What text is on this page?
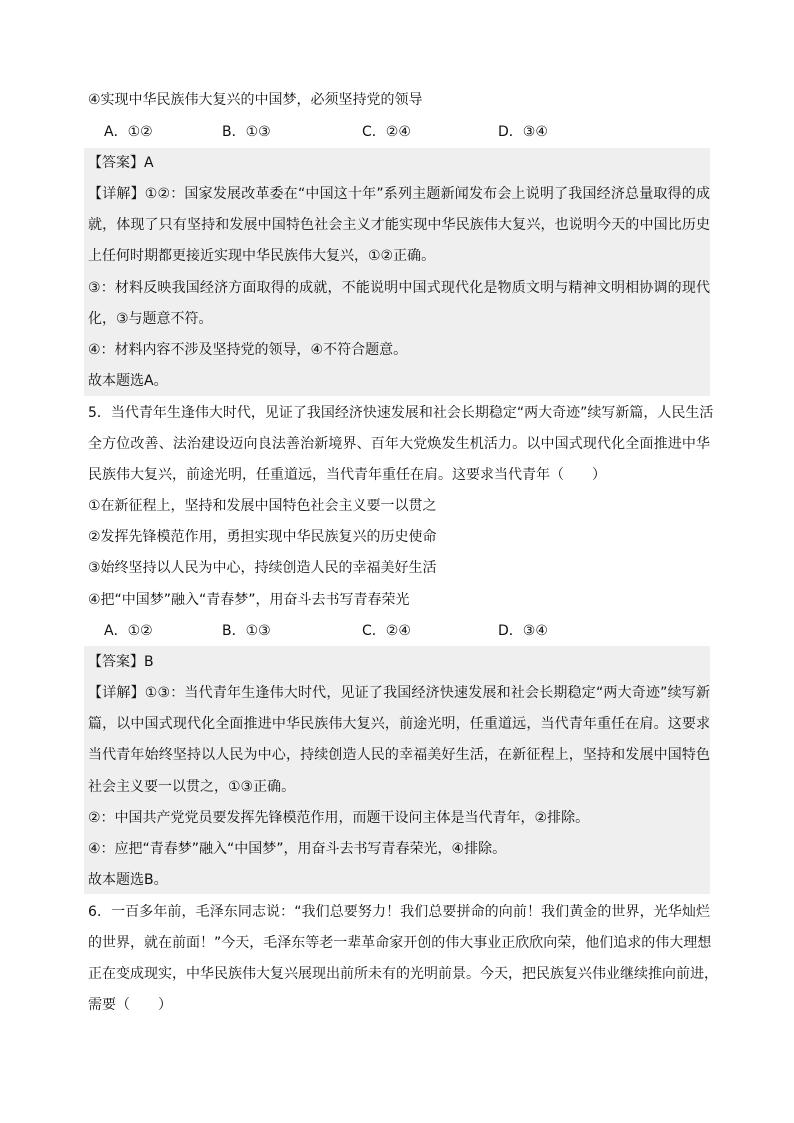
④实现中华民族伟大复兴的中国梦，必须坚持党的领导
A．①②	B．①③	C．②④	D．③④
【答案】A
【详解】①②：国家发展改革委在“中国这十年”系列主题新闻发布会上说明了我国经济总量取得的成
就，体现了只有坚持和发展中国特色社会主义才能实现中华民族伟大复兴，也说明今天的中国比历史
上任何时期都更接近实现中华民族伟大复兴，①②正确。
③：材料反映我国经济方面取得的成就，不能说明中国式现代化是物质文明与精神文明相协调的现代
化，③与题意不符。
④：材料内容不涉及坚持党的领导，④不符合题意。
故本题选A。
5．当代青年生逢伟大时代，见证了我国经济快速发展和社会长期稳定“两大奇迹”续写新篇，人民生活
全方位改善、法治建设迈向良法善治新境界、百年大党焕发生机活力。以中国式现代化全面推进中华
民族伟大复兴，前途光明，任重道远，当代青年重任在肩。这要求当代青年（　　）
①在新征程上，坚持和发展中国特色社会主义要一以贯之
②发挥先锋模范作用，勇担实现中华民族复兴的历史使命
③始终坚持以人民为中心，持续创造人民的幸福美好生活
④把“中国梦”融入“青春梦”，用奋斗去书写青春荣光
A．①②	B．①③	C．②④	D．③④
【答案】B
【详解】①③：当代青年生逢伟大时代，见证了我国经济快速发展和社会长期稳定“两大奇迹”续写新
篇，以中国式现代化全面推进中华民族伟大复兴，前途光明，任重道远，当代青年重任在肩。这要求
当代青年始终坚持以人民为中心，持续创造人民的幸福美好生活，在新征程上，坚持和发展中国特色
社会主义要一以贯之，①③正确。
②：中国共产党党员要发挥先锋模范作用，而题干设问主体是当代青年，②排除。
④：应把“青春梦”融入“中国梦”，用奋斗去书写青春荣光，④排除。
故本题选B。
6．一百多年前，毛泽东同志说：“我们总要努力！我们总要拼命的向前！我们黄金的世界，光华灿烂
的世界，就在前面！”今天，毛泽东等老一辈革命家开创的伟大事业正欣欣向荣，他们追求的伟大理想
正在变成现实，中华民族伟大复兴展现出前所未有的光明前景。今天，把民族复兴伟业继续推向前进，
需要（　　）
